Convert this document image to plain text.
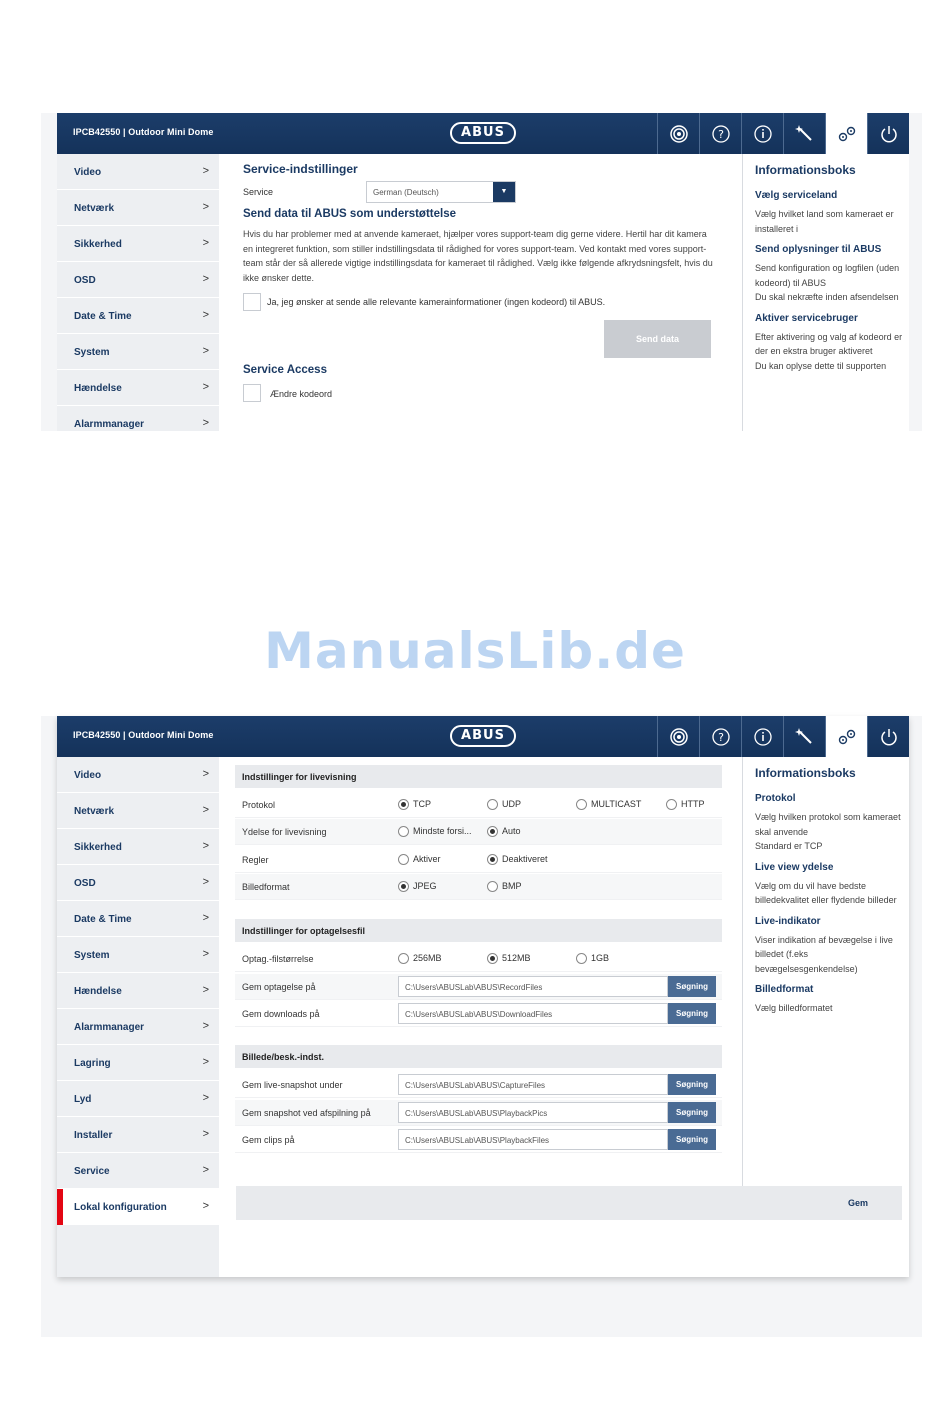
IPCB42550 | Outdoor Mini Dome	ABUS	?
Video	>
Netværk	>
Sikkerhed	>
OSD	>
Date & Time	>
System	>
Hændelse	>
Alarmmanager	>
Service-indstillinger
Service	German (Deutsch)	▼
Send data til ABUS som understøttelse
Hvis du har problemer med at anvende kameraet, hjælper vores support-team dig gerne videre. Hertil har dit kamera en integreret funktion, som stiller indstillingsdata til rådighed for vores support-team. Ved kontakt med vores support-team står der så allerede vigtige indstillingsdata for kameraet til rådighed. Vælg ikke følgende afkrydsningsfelt, hvis du ikke ønsker dette.
Ja, jeg ønsker at sende alle relevante kamerainformationer (ingen kodeord) til ABUS.
Send data
Service Access
Ændre kodeord
Informationsboks
Vælg serviceland
Vælg hvilket land som kameraet er installeret i
Send oplysninger til ABUS
Send konfiguration og logfilen (uden kodeord) til ABUS
Du skal nekræfte inden afsendelsen
Aktiver servicebruger
Efter aktivering og valg af kodeord er der en ekstra bruger aktiveret
Du kan oplyse dette til supporten
ManualsLib.de
IPCB42550 | Outdoor Mini Dome	ABUS	?
Video	>
Netværk	>
Sikkerhed	>
OSD	>
Date & Time	>
System	>
Hændelse	>
Alarmmanager	>
Lagring	>
Lyd	>
Installer	>
Service	>
Lokal konfiguration	>
Indstillinger for livevisning
Protokol	TCP	UDP	MULTICAST	HTTP
Ydelse for livevisning	Mindste forsi...	Auto
Regler	Aktiver	Deaktiveret
Billedformat	JPEG	BMP
Indstillinger for optagelsesfil
Optag.-filstørrelse	256MB	512MB	1GB
Gem optagelse på	C:\Users\ABUSLab\ABUS\RecordFiles	Søgning
Gem downloads på	C:\Users\ABUSLab\ABUS\DownloadFiles	Søgning
Billede/besk.-indst.
Gem live-snapshot under	C:\Users\ABUSLab\ABUS\CaptureFiles	Søgning
Gem snapshot ved afspilning på	C:\Users\ABUSLab\ABUS\PlaybackPics	Søgning
Gem clips på	C:\Users\ABUSLab\ABUS\PlaybackFiles	Søgning
Informationsboks
Protokol
Vælg hvilken protokol som kameraet skal anvende
Standard er TCP
Live view ydelse
Vælg om du vil have bedste billedekvalitet eller flydende billeder
Live-indikator
Viser indikation af bevægelse i live billedet (f.eks bevægelsesgenkendelse)
Billedformat
Vælg billedformatet
Gem
